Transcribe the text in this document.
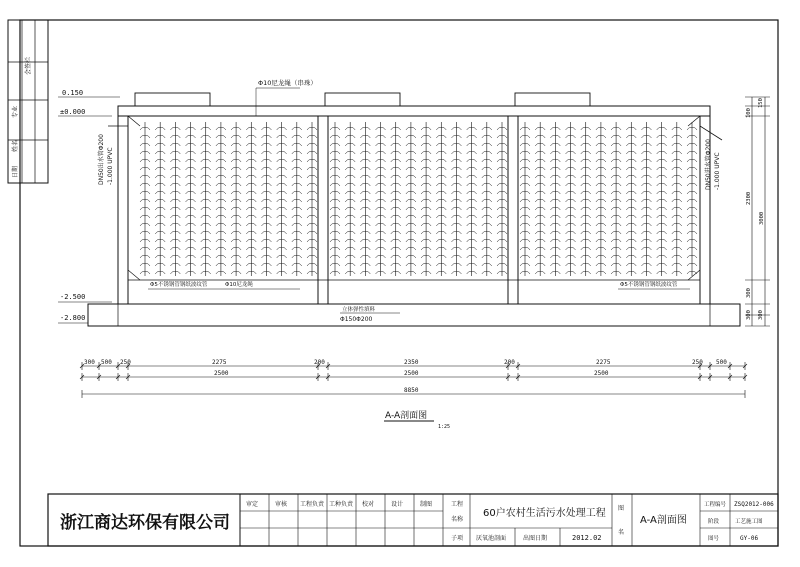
会签栏
专业
姓名
日期
0.150
±0.000
-2.500
-2.800
Φ10尼龙绳（串珠）
DN50出水管Φ200 -1.000 UPVC	DN50进水管Φ200 -1.000 UPVC
Φ5不锈钢管钢纸波纹管	Φ10尼龙绳
立体弹性填料
Φ150Φ200
Φ5不锈钢管钢纸波纹管
150
100
2300
3000
300
300 300
300 500 250	2275	200	2350	200	2275	250 500
2500	2500	2500
8850
A-A剖面图
1:25
浙江商达环保有限公司
审定	审核 工程负责 工种负责 校对	设计	制图	工程
名称
60户农村生活污水处理工程
子项 厌氧池剖面	出图日期	2012.02
图
名
A-A剖面图
工程编号 ZSQ2012-006
阶段	工艺施工图
图号	GY-06
